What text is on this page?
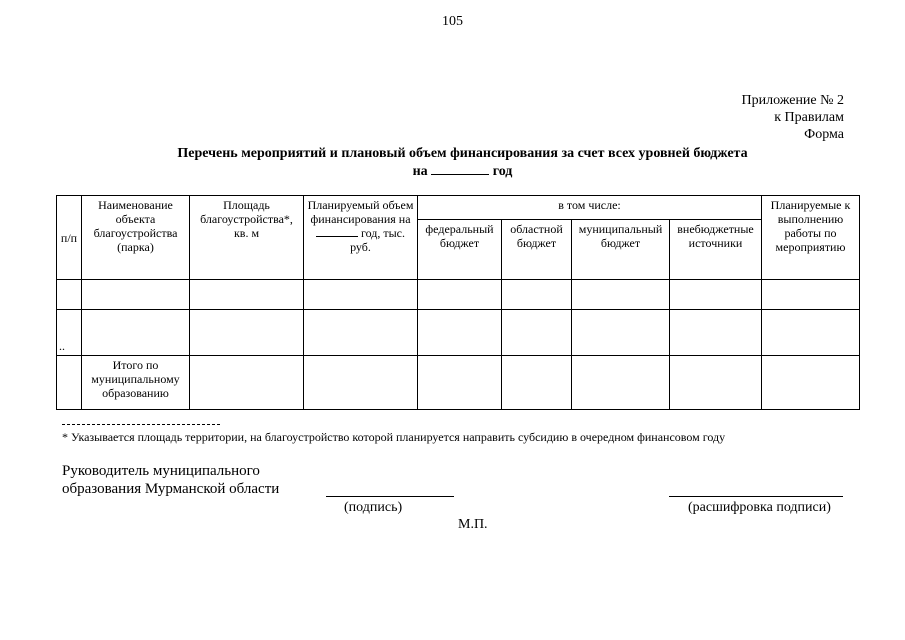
105
Приложение № 2
к Правилам
Форма
Перечень мероприятий и плановый объем финансирования за счет всех уровней бюджета
на	год
п/п	Наименование объекта благоустройства (парка)	Площадь благоустройства*, кв. м	Планируемый объем финансирования на  год, тыс. руб.	в том числе:				Планируемые к выполнению работы по мероприятию
				федеральный бюджет	областной бюджет	муниципальный бюджет	внебюджетные источники	

..								
	Итого по муниципальному образованию							
* Указывается площадь территории, на благоустройство которой планируется направить субсидию в очередном финансовом году
Руководитель муниципального
образования Мурманской области
(подпись)	(расшифровка подписи)
М.П.
